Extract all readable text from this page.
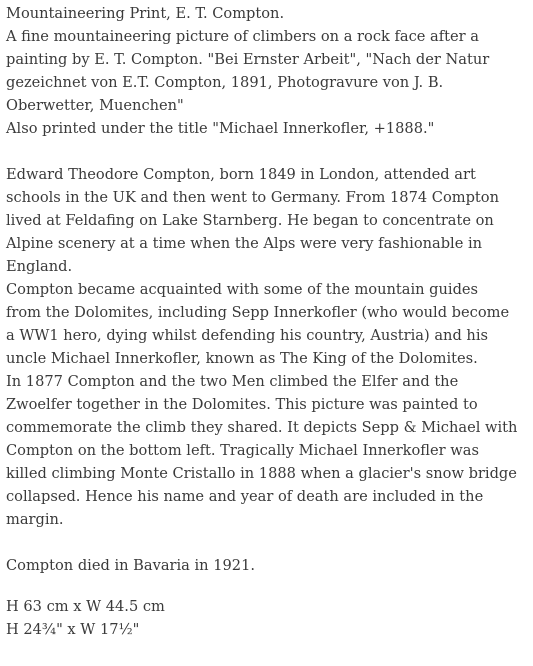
Mountaineering Print, E. T. Compton.
A fine mountaineering picture of climbers on a rock face after a
painting by E. T. Compton. "Bei Ernster Arbeit", "Nach der Natur
gezeichnet von E.T. Compton, 1891, Photogravure von J. B.
Oberwetter, Muenchen"
Also printed under the title "Michael Innerkofler, +1888."
Edward Theodore Compton, born 1849 in London, attended art
schools in the UK and then went to Germany. From 1874 Compton
lived at Feldafing on Lake Starnberg. He began to concentrate on
Alpine scenery at a time when the Alps were very fashionable in
England.
Compton became acquainted with some of the mountain guides
from the Dolomites, including Sepp Innerkofler (who would become
a WW1 hero, dying whilst defending his country, Austria) and his
uncle Michael Innerkofler, known as The King of the Dolomites.
In 1877 Compton and the two Men climbed the Elfer and the
Zwoelfer together in the Dolomites. This picture was painted to
commemorate the climb they shared. It depicts Sepp & Michael with
Compton on the bottom left. Tragically Michael Innerkofler was
killed climbing Monte Cristallo in 1888 when a glacier's snow bridge
collapsed. Hence his name and year of death are included in the
margin.
Compton died in Bavaria in 1921.
H 63 cm x W 44.5 cm
H 24¾" x W 17½"
